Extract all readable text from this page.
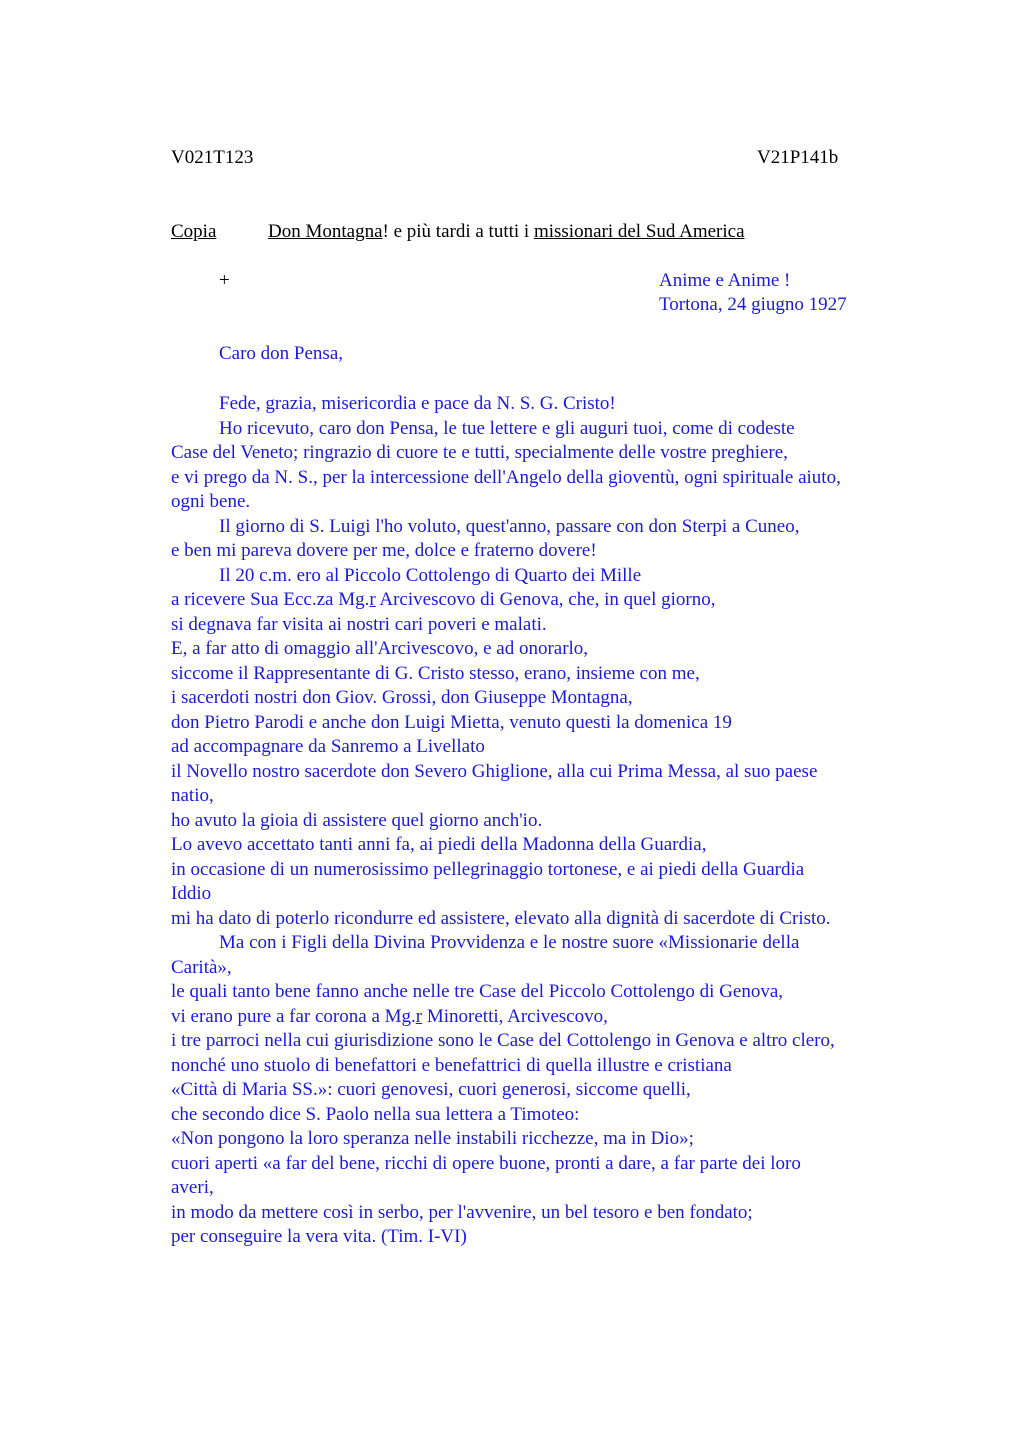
V021T123	V21P141b
Copia	Don Montagna! e più tardi a tutti i missionari del Sud America
+	Anime e Anime !
Tortona, 24 giugno 1927
Caro don Pensa,
Fede, grazia, misericordia e pace da N. S. G. Cristo!
Ho ricevuto, caro don Pensa, le tue lettere e gli auguri tuoi, come di codeste
Case del Veneto; ringrazio di cuore te e tutti, specialmente delle vostre preghiere,
e vi prego da N. S., per la intercessione dell'Angelo della gioventù, ogni spirituale aiuto,
ogni bene.
Il giorno di S. Luigi l'ho voluto, quest'anno, passare con don Sterpi a Cuneo,
e ben mi pareva dovere per me, dolce e fraterno dovere!
Il 20 c.m. ero al Piccolo Cottolengo di Quarto dei Mille
a ricevere Sua Ecc.za Mg.r Arcivescovo di Genova, che, in quel giorno,
si degnava far visita ai nostri cari poveri e malati.
E, a far atto di omaggio all'Arcivescovo, e ad onorarlo,
siccome il Rappresentante di G. Cristo stesso, erano, insieme con me,
i sacerdoti nostri don Giov. Grossi, don Giuseppe Montagna,
don Pietro Parodi e anche don Luigi Mietta, venuto questi la domenica 19
ad accompagnare da Sanremo a Livellato
il Novello nostro sacerdote don Severo Ghiglione, alla cui Prima Messa, al suo paese
natio,
ho avuto la gioia di assistere quel giorno anch'io.
Lo avevo accettato tanti anni fa, ai piedi della Madonna della Guardia,
in occasione di un numerosissimo pellegrinaggio tortonese, e ai piedi della Guardia
Iddio
mi ha dato di poterlo ricondurre ed assistere, elevato alla dignità di sacerdote di Cristo.
Ma con i Figli della Divina Provvidenza e le nostre suore «Missionarie della
Carità»,
le quali tanto bene fanno anche nelle tre Case del Piccolo Cottolengo di Genova,
vi erano pure a far corona a Mg.r Minoretti, Arcivescovo,
i tre parroci nella cui giurisdizione sono le Case del Cottolengo in Genova e altro clero,
nonché uno stuolo di benefattori e benefattrici di quella illustre e cristiana
«Città di Maria SS.»: cuori genovesi, cuori generosi, siccome quelli,
che secondo dice S. Paolo nella sua lettera a Timoteo:
«Non pongono la loro speranza nelle instabili ricchezze, ma in Dio»;
cuori aperti «a far del bene, ricchi di opere buone, pronti a dare, a far parte dei loro
averi,
in modo da mettere così in serbo, per l'avvenire, un bel tesoro e ben fondato;
per conseguire la vera vita. (Tim. I-VI)
